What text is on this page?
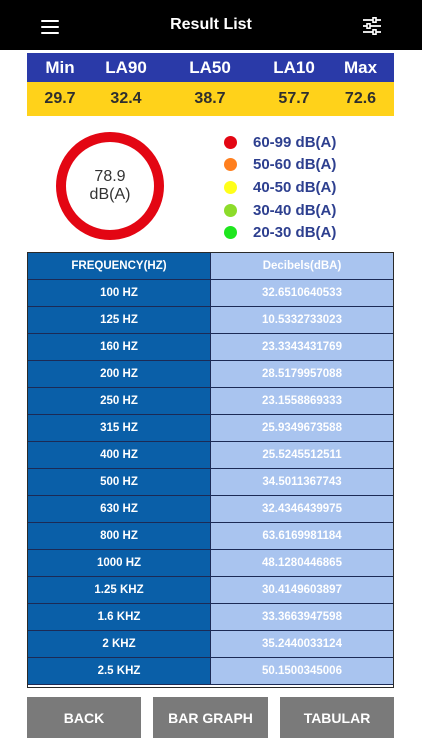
Result List
Min	LA90	LA50	LA10	Max
29.7	32.4	38.7	57.7	72.6
78.9
dB(A)
60-99 dB(A)
50-60 dB(A)
40-50 dB(A)
30-40 dB(A)
20-30 dB(A)
FREQUENCY(HZ)	Decibels(dBA)
100 HZ	32.6510640533
125 HZ	10.5332733023
160 HZ	23.3343431769
200 HZ	28.5179957088
250 HZ	23.1558869333
315 HZ	25.9349673588
400 HZ	25.5245512511
500 HZ	34.5011367743
630 HZ	32.4346439975
800 HZ	63.6169981184
1000 HZ	48.1280446865
1.25 KHZ	30.4149603897
1.6 KHZ	33.3663947598
2 KHZ	35.2440033124
2.5 KHZ	50.1500345006
BACK	BAR GRAPH	TABULAR
